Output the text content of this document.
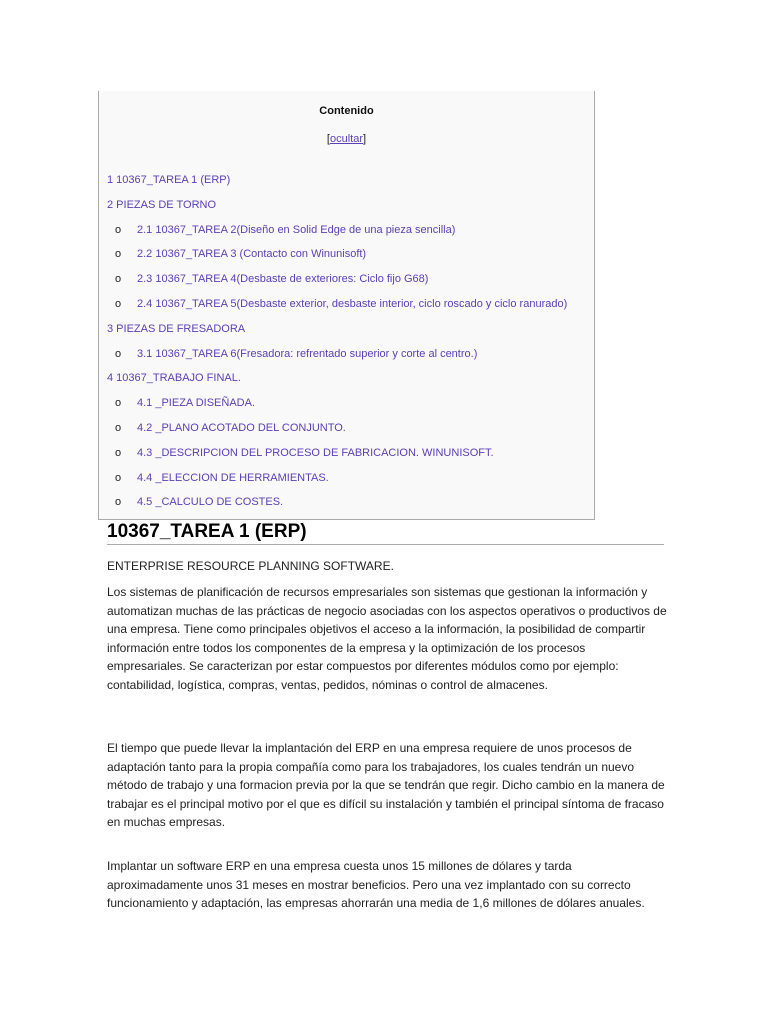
Contenido
[ocultar]
1 10367_TAREA 1 (ERP)
2 PIEZAS DE TORNO
o 2.1 10367_TAREA 2(Diseño en Solid Edge de una pieza sencilla)
o 2.2 10367_TAREA 3 (Contacto con Winunisoft)
o 2.3 10367_TAREA 4(Desbaste de exteriores: Ciclo fijo G68)
o 2.4 10367_TAREA 5(Desbaste exterior, desbaste interior, ciclo roscado y ciclo ranurado)
3 PIEZAS DE FRESADORA
o 3.1 10367_TAREA 6(Fresadora: refrentado superior y corte al centro.)
4 10367_TRABAJO FINAL.
o 4.1 _PIEZA DISEÑADA.
o 4.2 _PLANO ACOTADO DEL CONJUNTO.
o 4.3 _DESCRIPCION DEL PROCESO DE FABRICACION. WINUNISOFT.
o 4.4 _ELECCION DE HERRAMIENTAS.
o 4.5 _CALCULO DE COSTES.
10367_TAREA 1 (ERP)

ENTERPRISE RESOURCE PLANNING SOFTWARE.

Los sistemas de planificación de recursos empresariales son sistemas que gestionan la información y automatizan muchas de las prácticas de negocio asociadas con los aspectos operativos o productivos de una empresa. Tiene como principales objetivos el acceso a la información, la posibilidad de compartir información entre todos los componentes de la empresa y la optimización de los procesos empresariales. Se caracterizan por estar compuestos por diferentes módulos como por ejemplo: contabilidad, logística, compras, ventas, pedidos, nóminas o control de almacenes.

El tiempo que puede llevar la implantación del ERP en una empresa requiere de unos procesos de adaptación tanto para la propia compañía como para los trabajadores, los cuales tendrán un nuevo método de trabajo y una formacion previa por la que se tendrán que regir. Dicho cambio en la manera de trabajar es el principal motivo por el que es difícil su instalación y también el principal síntoma de fracaso en muchas empresas.

Implantar un software ERP en una empresa cuesta unos 15 millones de dólares y tarda aproximadamente unos 31 meses en mostrar beneficios. Pero una vez implantado con su correcto funcionamiento y adaptación, las empresas ahorrarán una media de 1,6 millones de dólares anuales.
